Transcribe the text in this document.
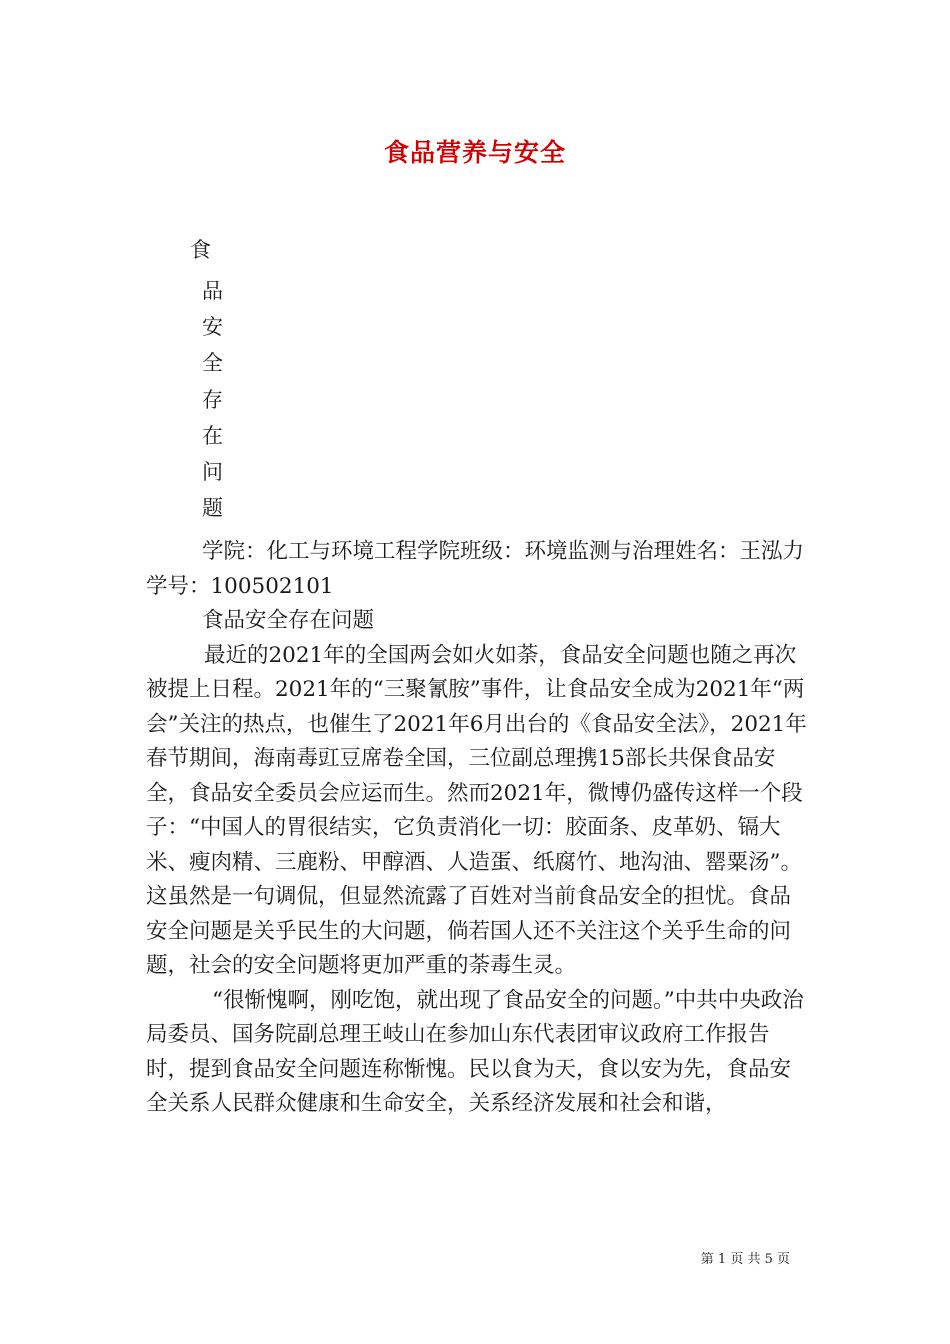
食品营养与安全
食
品
安
全
存
在
问
题

学院：化工与环境工程学院班级：环境监测与治理姓名：王泓力学号：100502101

食品安全存在问题

最近的2021年的全国两会如火如荼，食品安全问题也随之再次被提上日程。2021年的“三聚氰胺”事件，让食品安全成为2021年“两会”关注的热点，也催生了2021年6月出台的《食品安全法》，2021年春节期间，海南毒豇豆席卷全国，三位副总理携15部长共保食品安全，食品安全委员会应运而生。然而2021年，微博仍盛传这样一个段子：“中国人的胃很结实，它负责消化一切：胶面条、皮革奶、镉大米、瘦肉精、三鹿粉、甲醇酒、人造蛋、纸腐竹、地沟油、罂粟汤”。这虽然是一句调侃，但显然流露了百姓对当前食品安全的担忧。食品安全问题是关乎民生的大问题，倘若国人还不关注这个关乎生命的问题，社会的安全问题将更加严重的荼毒生灵。

“很惭愧啊，刚吃饱，就出现了食品安全的问题。”中共中央政治局委员、国务院副总理王岐山在参加山东代表团审议政府工作报告时，提到食品安全问题连称惭愧。民以食为天，食以安为先，食品安全关系人民群众健康和生命安全，关系经济发展和社会和谐，

第 1 页 共 5 页
